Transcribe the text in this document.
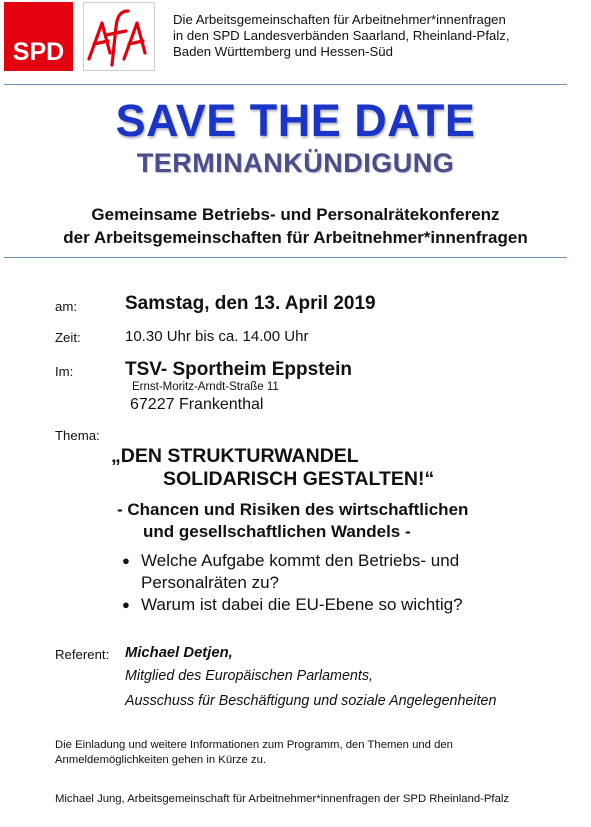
SPD
Die Arbeitsgemeinschaften für Arbeitnehmer*innenfragen
in den SPD Landesverbänden Saarland, Rheinland-Pfalz,
Baden Württemberg und Hessen-Süd
SAVE THE DATE
TERMINANKÜNDIGUNG
Gemeinsame Betriebs- und Personalrätekonferenz
der Arbeitsgemeinschaften für Arbeitnehmer*innenfragen
am:	Samstag, den 13. April 2019
Zeit:	10.30 Uhr bis ca. 14.00 Uhr
Im:	TSV- Sportheim Eppstein
Ernst-Moritz-Arndt-Straße 11
67227 Frankenthal
Thema:
„DEN STRUKTURWANDEL
SOLIDARISCH GESTALTEN!“
- Chancen und Risiken des wirtschaftlichen
und gesellschaftlichen Wandels -
● Welche Aufgabe kommt den Betriebs- und
Personalräten zu?
● Warum ist dabei die EU-Ebene so wichtig?
Referent: Michael Detjen,
Mitglied des Europäischen Parlaments,
Ausschuss für Beschäftigung und soziale Angelegenheiten
Die Einladung und weitere Informationen zum Programm, den Themen und den
Anmeldemöglichkeiten gehen in Kürze zu.
Michael Jung, Arbeitsgemeinschaft für Arbeitnehmer*innenfragen der SPD Rheinland-Pfalz
